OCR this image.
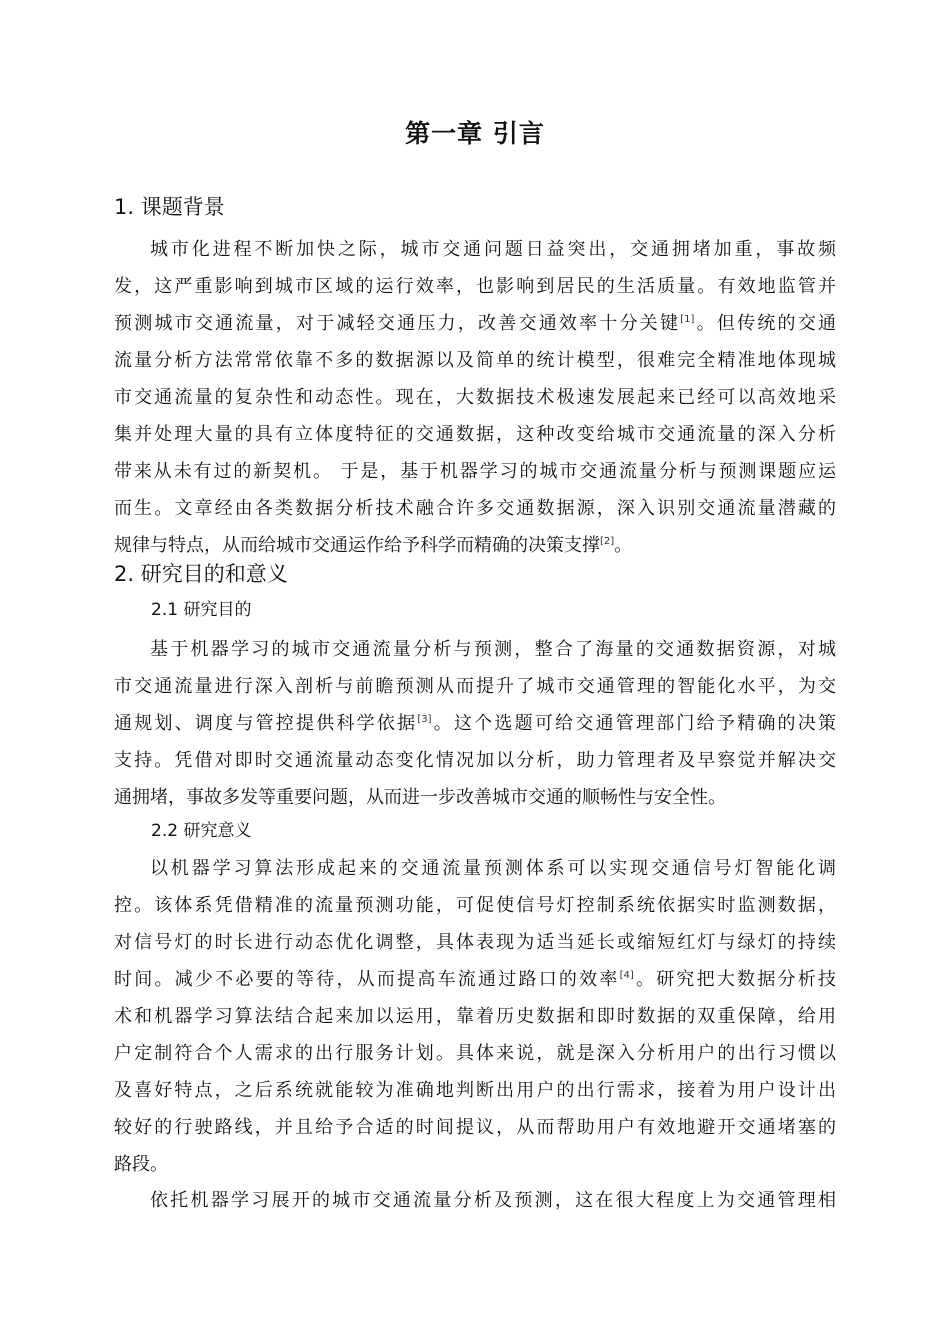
第一章 引言
1. 课题背景
城市化进程不断加快之际，城市交通问题日益突出，交通拥堵加重，事故频
发，这严重影响到城市区域的运行效率，也影响到居民的生活质量。有效地监管并
预测城市交通流量，对于减轻交通压力，改善交通效率十分关键[1]。但传统的交通
流量分析方法常常依靠不多的数据源以及简单的统计模型，很难完全精准地体现城
市交通流量的复杂性和动态性。现在，大数据技术极速发展起来已经可以高效地采
集并处理大量的具有立体度特征的交通数据，这种改变给城市交通流量的深入分析
带来从未有过的新契机。 于是，基于机器学习的城市交通流量分析与预测课题应运
而生。文章经由各类数据分析技术融合许多交通数据源，深入识别交通流量潜藏的
规律与特点，从而给城市交通运作给予科学而精确的决策支撑[2]。
2. 研究目的和意义
2.1 研究目的
基于机器学习的城市交通流量分析与预测，整合了海量的交通数据资源，对城
市交通流量进行深入剖析与前瞻预测从而提升了城市交通管理的智能化水平，为交
通规划、调度与管控提供科学依据[3]。这个选题可给交通管理部门给予精确的决策
支持。凭借对即时交通流量动态变化情况加以分析，助力管理者及早察觉并解决交
通拥堵，事故多发等重要问题，从而进一步改善城市交通的顺畅性与安全性。
2.2 研究意义
以机器学习算法形成起来的交通流量预测体系可以实现交通信号灯智能化调
控。该体系凭借精准的流量预测功能，可促使信号灯控制系统依据实时监测数据，
对信号灯的时长进行动态优化调整，具体表现为适当延长或缩短红灯与绿灯的持续
时间。减少不必要的等待，从而提高车流通过路口的效率[4]。研究把大数据分析技
术和机器学习算法结合起来加以运用，靠着历史数据和即时数据的双重保障，给用
户定制符合个人需求的出行服务计划。具体来说，就是深入分析用户的出行习惯以
及喜好特点，之后系统就能较为准确地判断出用户的出行需求，接着为用户设计出
较好的行驶路线，并且给予合适的时间提议，从而帮助用户有效地避开交通堵塞的
路段。
依托机器学习展开的城市交通流量分析及预测，这在很大程度上为交通管理相
